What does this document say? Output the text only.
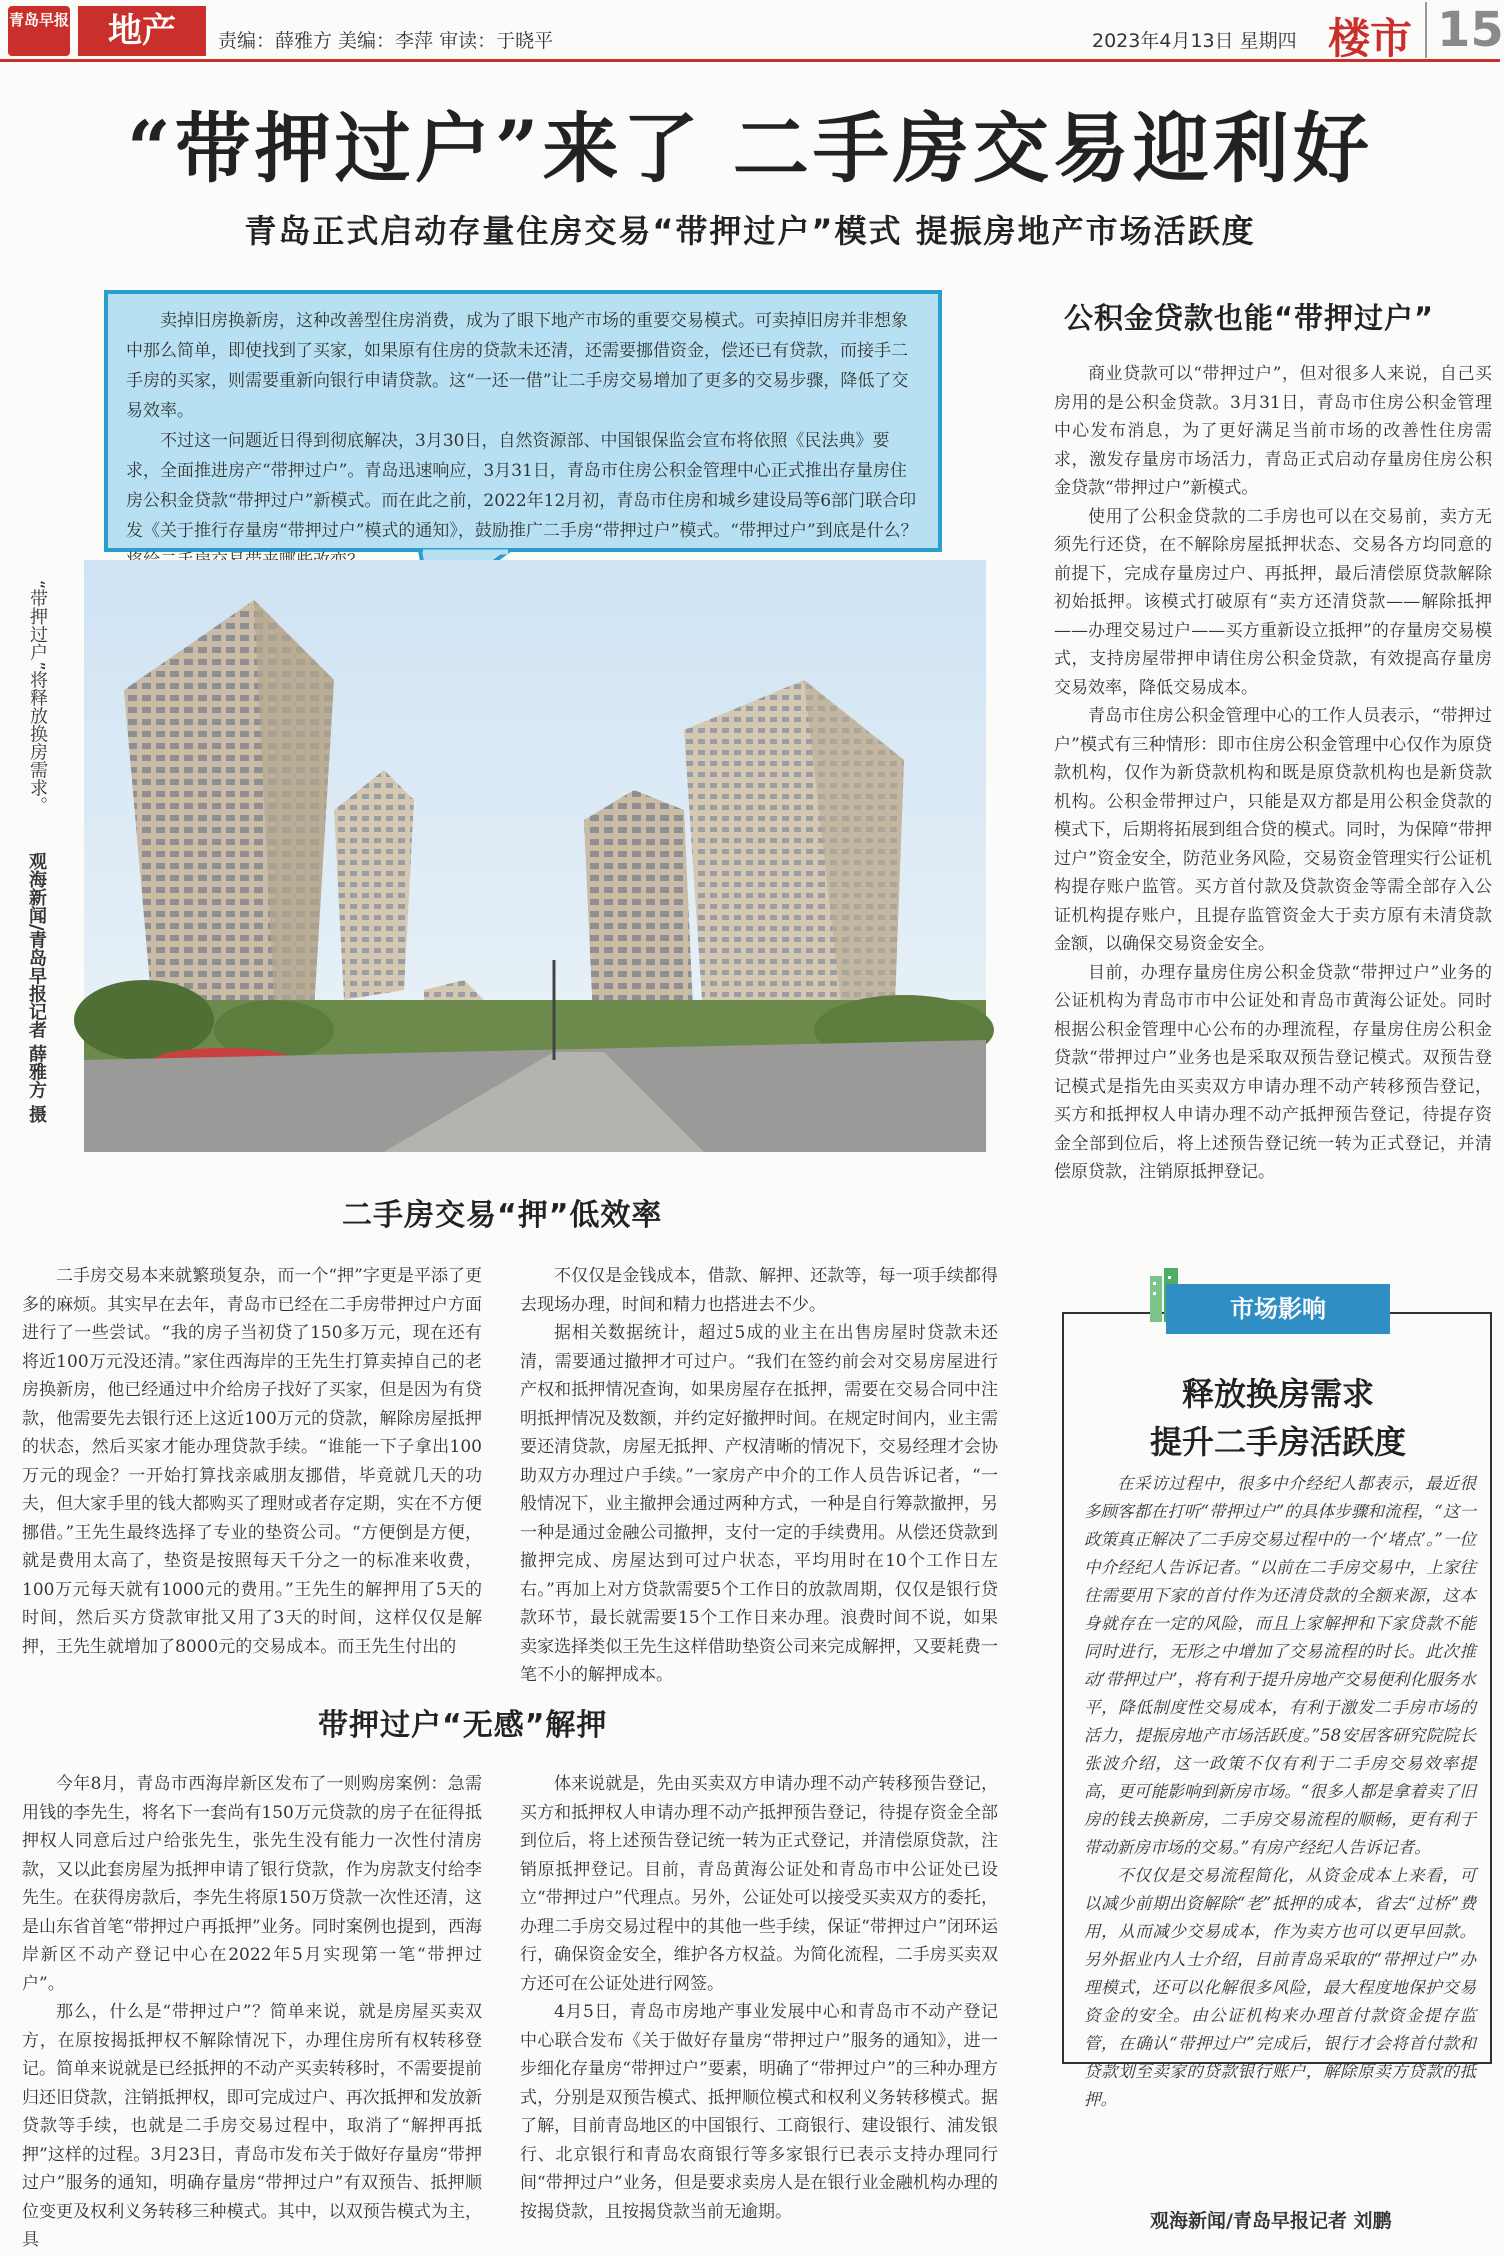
青岛早报	地产	责编：薛雅方 美编：李萍 审读：于晓平	2023年4月13日 星期四 楼市 15
“带押过户”来了 二手房交易迎利好
青岛正式启动存量住房交易“带押过户”模式 提振房地产市场活跃度

卖掉旧房换新房，这种改善型住房消费，成为了眼下地产市场的重要交易模式。可卖掉旧房并非想象中那么简单，即使找到了买家，如果原有住房的贷款未还清，还需要挪借资金，偿还已有贷款，而接手二手房的买家，则需要重新向银行申请贷款。这“一还一借”让二手房交易增加了更多的交易步骤，降低了交易效率。

不过这一问题近日得到彻底解决，3月30日，自然资源部、中国银保监会宣布将依照《民法典》要求，全面推进房产“带押过户”。青岛迅速响应，3月31日，青岛市住房公积金管理中心正式推出存量房住房公积金贷款“带押过户”新模式。而在此之前，2022年12月初，青岛市住房和城乡建设局等6部门联合印发《关于推行存量房“带押过户”模式的通知》，鼓励推广二手房“带押过户”模式。“带押过户”到底是什么？

“带押过户”将释放换房需求。
观海新闻/青岛早报记者 薛雅方 摄
二手房交易“押”低效率

二手房交易本来就繁琐复杂，而一个“押”字更是平添了更多的麻烦。其实早在去年，青岛市已经在二手房带押过户方面进行了一些尝试。“我的房子当初贷了150多万元，现在还有将近100万元没还清。”家住西海岸的王先生打算卖掉自己的老房换新房，他已经通过中介给房子找好了买家，但是因为有贷款，他需要先去银行还上这近100万元的贷款，解除房屋抵押的状态，然后买家才能办理贷款手续。“谁能一下子拿出100万元的现金？一开始打算找亲戚朋友挪借，毕竟就几天的功夫，但大家手里的钱大都购买了理财或者存定期，实在不方便挪借。”王先生最终选择了专业的垫资公司。“方便倒是方便，就是费用太高了，垫资是按照每天千分之一的标准来收费，100万元每天就有1000元的费用。”王先生的解押用了5天的时间，然后买方贷款审批又用了3天的时间，这样仅仅是解押，王先生就增加了8000元的交易成本。而王先生付出的

不仅仅是金钱成本，借款、解押、还款等，每一项手续都得去现场办理，时间和精力也搭进去不少。

据相关数据统计，超过5成的业主在出售房屋时贷款未还清，需要通过撤押才可过户。“我们在签约前会对交易房屋进行产权和抵押情况查询，如果房屋存在抵押，需要在交易合同中注明抵押情况及数额，并约定好撤押时间。在规定时间内，业主需要还清贷款，房屋无抵押、产权清晰的情况下，交易经理才会协助双方办理过户手续。”一家房产中介的工作人员告诉记者，“一般情况下，业主撤押会通过两种方式，一种是自行筹款撤押，另一种是通过金融公司撤押，支付一定的手续费用。从偿还贷款到撤押完成、房屋达到可过户状态，平均用时在10个工作日左右。”再加上对方贷款需要5个工作日的放款周期，仅仅是银行贷款环节，最长就需要15个工作日来办理。浪费时间不说，如果卖家选择类似王先生这样借助垫资公司来完成解押，又要耗费一笔不小的解押成本。

带押过户“无感”解押

今年8月，青岛市西海岸新区发布了一则购房案例：急需用钱的李先生，将名下一套尚有150万元贷款的房子在征得抵押权人同意后过户给张先生，张先生没有能力一次性付清房款，又以此套房屋为抵押申请了银行贷款，作为房款支付给李先生。在获得房款后，李先生将原150万贷款一次性还清，这是山东省首笔“带押过户再抵押”业务。同时案例也提到，西海岸新区不动产登记中心在2022年5月实现第一笔“带押过户”。

那么，什么是“带押过户”？简单来说，就是房屋买卖双方，在原按揭抵押权不解除情况下，办理住房所有权转移登记。简单来说就是已经抵押的不动产买卖转移时，不需要提前归还旧贷款，注销抵押权，即可完成过户、再次抵押和发放新贷款等手续，也就是二手房交易过程中，取消了“解押再抵押”这样的过程。3月23日，青岛市发布关于做好存量房“带押过户”服务的通知，明确存量房“带押过户”有双预告、抵押顺位变更及权利义务转移三种模式。其中，以双预告模式为主，具

体来说就是，先由买卖双方申请办理不动产转移预告登记，买方和抵押权人申请办理不动产抵押预告登记，待提存资金全部到位后，将上述预告登记统一转为正式登记，并清偿原贷款，注销原抵押登记。目前，青岛黄海公证处和青岛市中公证处已设立“带押过户”代理点。另外，公证处可以接受买卖双方的委托，办理二手房交易过程中的其他一些手续，保证“带押过户”闭环运行，确保资金安全，维护各方权益。为简化流程，二手房买卖双方还可在公证处进行网签。

4月5日，青岛市房地产事业发展中心和青岛市不动产登记中心联合发布《关于做好存量房“带押过户”服务的通知》，进一步细化存量房“带押过户”要素，明确了“带押过户”的三种办理方式，分别是双预告模式、抵押顺位模式和权利义务转移模式。据了解，目前青岛地区的中国银行、工商银行、建设银行、浦发银行、北京银行和青岛农商银行等多家银行已表示支持办理同行间“带押过户”业务，但是要求卖房人是在银行业金融机构办理的按揭贷款，且按揭贷款当前无逾期。

公积金贷款也能“带押过户”

商业贷款可以“带押过户”，但对很多人来说，自己买房用的是公积金贷款。3月31日，青岛市住房公积金管理中心发布消息，为了更好满足当前市场的改善性住房需求，激发存量房市场活力，青岛正式启动存量房住房公积金贷款“带押过户”新模式。

使用了公积金贷款的二手房也可以在交易前，卖方无须先行还贷，在不解除房屋抵押状态、交易各方均同意的前提下，完成存量房过户、再抵押，最后清偿原贷款解除初始抵押。该模式打破原有“卖方还清贷款——解除抵押——办理交易过户——买方重新设立抵押”的存量房交易模式，支持房屋带押申请住房公积金贷款，有效提高存量房交易效率，降低交易成本。

青岛市住房公积金管理中心的工作人员表示，“带押过户”模式有三种情形：即市住房公积金管理中心仅作为原贷款机构，仅作为新贷款机构和既是原贷款机构也是新贷款机构。公积金带押过户，只能是双方都是用公积金贷款的模式下，后期将拓展到组合贷的模式。同时，为保障“带押过户”资金安全，防范业务风险，交易资金管理实行公证机构提存账户监管。买方首付款及贷款资金等需全部存入公证机构提存账户，且提存监管资金大于卖方原有未清贷款金额，以确保交易资金安全。

目前，办理存量房住房公积金贷款“带押过户”业务的公证机构为青岛市市中公证处和青岛市黄海公证处。同时根据公积金管理中心公布的办理流程，存量房住房公积金贷款“带押过户”业务也是采取双预告登记模式。双预告登记模式是指先由买卖双方申请办理不动产转移预告登记，买方和抵押权人申请办理不动产抵押预告登记，待提存资金全部到位后，将上述预告登记统一转为正式登记，并清偿原贷款，注销原抵押登记。

市场影响
释放换房需求
提升二手房活跃度

在采访过程中，很多中介经纪人都表示，最近很多顾客都在打听“带押过户”的具体步骤和流程，“这一政策真正解决了二手房交易过程中的一个‘堵点’。”一位中介经纪人告诉记者。“以前在二手房交易中，上家往往需要用下家的首付作为还清贷款的全额来源，这本身就存在一定的风险，而且上家解押和下家贷款不能同时进行，无形之中增加了交易流程的时长。此次推动‘带押过户’，将有利于提升房地产交易便利化服务水平，降低制度性交易成本，有利于激发二手房市场的活力，提振房地产市场活跃度。”58安居客研究院院长张波介绍，这一政策不仅有利于二手房交易效率提高，更可能影响到新房市场。“很多人都是拿着卖了旧房的钱去换新房，二手房交易流程的顺畅，更有利于带动新房市场的交易。”有房产经纪人告诉记者。

不仅仅是交易流程简化，从资金成本上来看，可以减少前期出资解除“老”抵押的成本，省去“过桥”费用，从而减少交易成本，作为卖方也可以更早回款。另外据业内人士介绍，目前青岛采取的“带押过户”办理模式，还可以化解很多风险，最大程度地保护交易资金的安全。由公证机构来办理首付款资金提存监管，在确认“带押过户”完成后，银行才会将首付款和贷款划至卖家的贷款银行账户，解除原卖方贷款的抵押。

观海新闻/青岛早报记者 刘鹏
